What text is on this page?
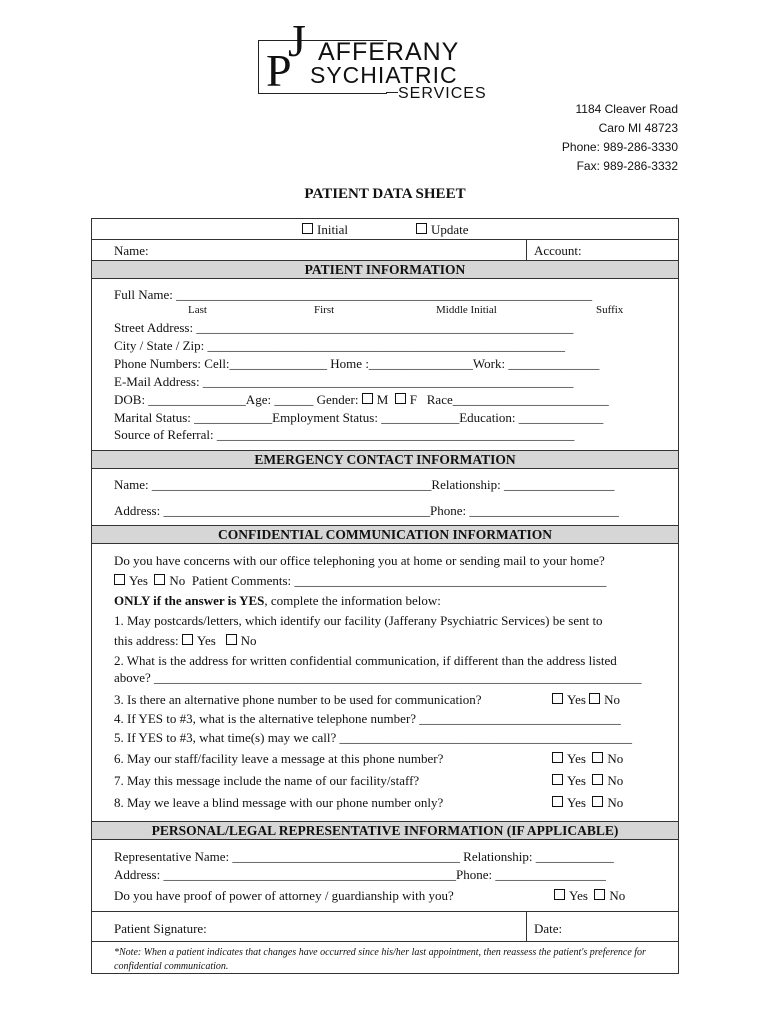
J
P AFFERANY
SYCHIATRIC
SERVICES
1184 Cleaver Road
Caro MI 48723
Phone: 989-286-3330
Fax: 989-286-3332
PATIENT DATA SHEET
Initial	Update
Name:	Account:
PATIENT INFORMATION
Full Name: ________________________________________________________________
Last	First	Middle Initial	Suffix
Street Address: __________________________________________________________
City / State / Zip: _______________________________________________________
Phone Numbers: Cell:_______________ Home :________________Work: ______________
E-Mail Address: _________________________________________________________
DOB: _______________Age: ______ Gender: M F Race________________________
Marital Status: ____________Employment Status: ____________Education: _____________
Source of Referral: _______________________________________________________
EMERGENCY CONTACT INFORMATION
Name: ___________________________________________Relationship: _________________
Address: _________________________________________Phone: _______________________
CONFIDENTIAL COMMUNICATION INFORMATION
Do you have concerns with our office telephoning you at home or sending mail to your home?
Yes No Patient Comments: ________________________________________________
ONLY if the answer is YES, complete the information below:
1. May postcards/letters, which identify our facility (Jafferany Psychiatric Services) be sent to
this address: Yes No
2. What is the address for written confidential communication, if different than the address listed
above? ___________________________________________________________________________
3. Is there an alternative phone number to be used for communication?	Yes No
4. If YES to #3, what is the alternative telephone number? _______________________________
5. If YES to #3, what time(s) may we call? _____________________________________________
6. May our staff/facility leave a message at this phone number?	Yes No
7. May this message include the name of our facility/staff?	Yes No
8. May we leave a blind message with our phone number only?	Yes No
PERSONAL/LEGAL REPRESENTATIVE INFORMATION (IF APPLICABLE)
Representative Name: ___________________________________ Relationship: ____________
Address: _____________________________________________Phone: _________________
Do you have proof of power of attorney / guardianship with you?	Yes No
Patient Signature:	Date:
*Note: When a patient indicates that changes have occurred since his/her last appointment, then reassess the patient's preference for confidential communication.
